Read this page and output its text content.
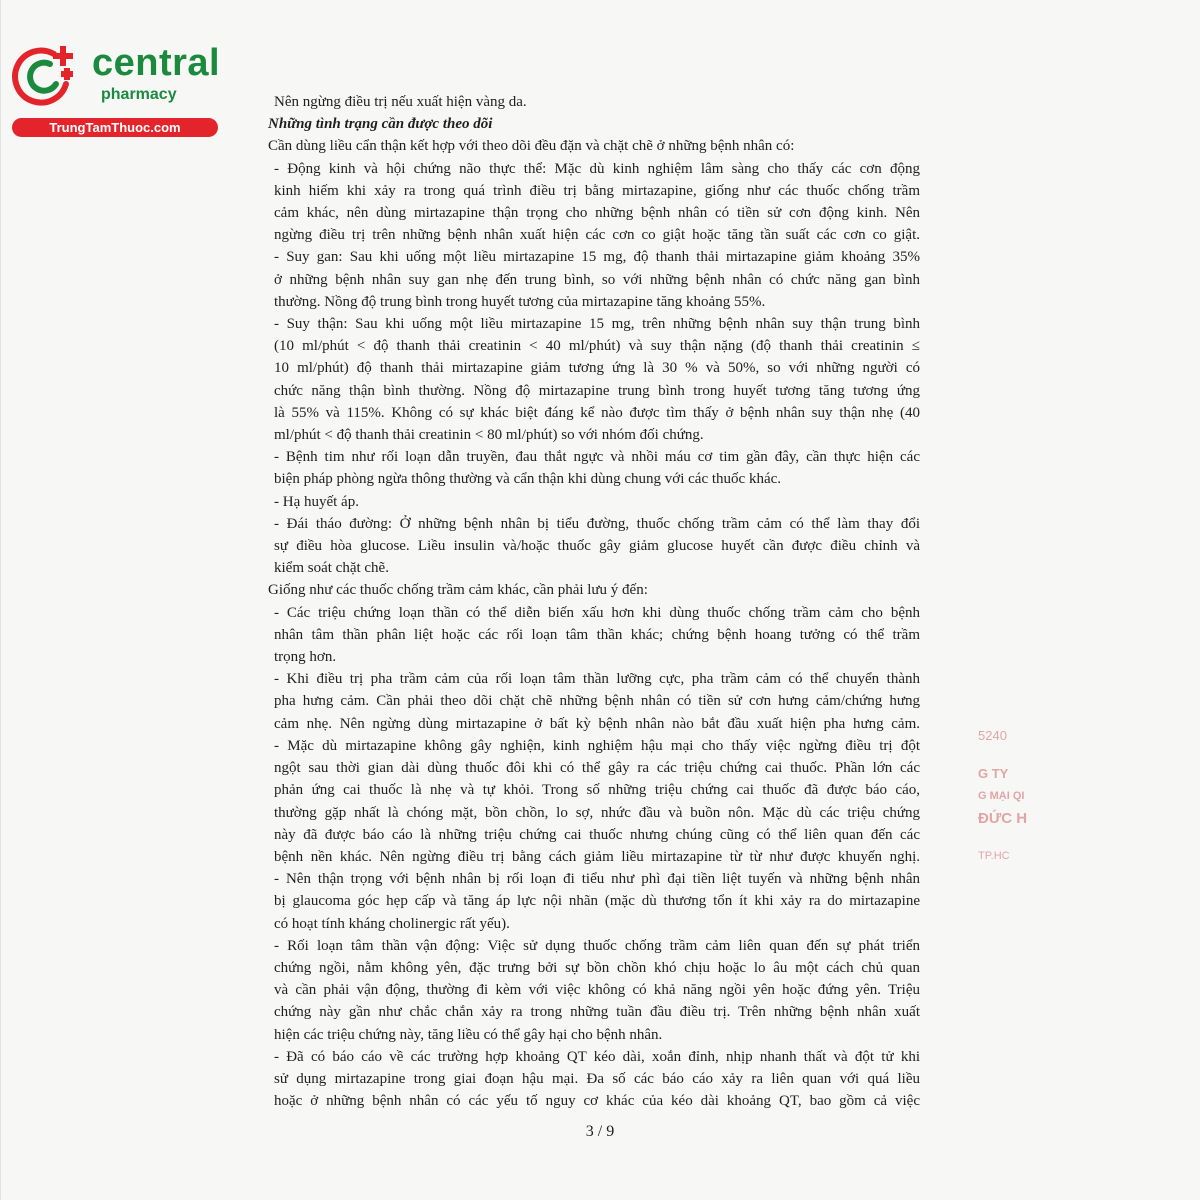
central
pharmacy
TrungTamThuoc.com
Nên ngừng điều trị nếu xuất hiện vàng da.
Những tình trạng cần được theo dõi
Cần dùng liều cẩn thận kết hợp với theo dõi đều đặn và chặt chẽ ở những bệnh nhân có:
- Động kinh và hội chứng não thực thể: Mặc dù kinh nghiệm lâm sàng cho thấy các cơn động
kinh hiếm khi xảy ra trong quá trình điều trị bằng mirtazapine, giống như các thuốc chống trầm
cảm khác, nên dùng mirtazapine thận trọng cho những bệnh nhân có tiền sử cơn động kinh. Nên
ngừng điều trị trên những bệnh nhân xuất hiện các cơn co giật hoặc tăng tần suất các cơn co giật.
- Suy gan: Sau khi uống một liều mirtazapine 15 mg, độ thanh thải mirtazapine giảm khoảng 35%
ở những bệnh nhân suy gan nhẹ đến trung bình, so với những bệnh nhân có chức năng gan bình
thường. Nồng độ trung bình trong huyết tương của mirtazapine tăng khoảng 55%.
- Suy thận: Sau khi uống một liều mirtazapine 15 mg, trên những bệnh nhân suy thận trung bình
(10 ml/phút < độ thanh thải creatinin < 40 ml/phút) và suy thận nặng (độ thanh thải creatinin ≤
10 ml/phút) độ thanh thải mirtazapine giảm tương ứng là 30 % và 50%, so với những người có
chức năng thận bình thường. Nồng độ mirtazapine trung bình trong huyết tương tăng tương ứng
là 55% và 115%. Không có sự khác biệt đáng kể nào được tìm thấy ở bệnh nhân suy thận nhẹ (40
ml/phút < độ thanh thải creatinin < 80 ml/phút) so với nhóm đối chứng.
- Bệnh tim như rối loạn dẫn truyền, đau thắt ngực và nhồi máu cơ tim gần đây, cần thực hiện các
biện pháp phòng ngừa thông thường và cẩn thận khi dùng chung với các thuốc khác.
- Hạ huyết áp.
- Đái tháo đường: Ở những bệnh nhân bị tiểu đường, thuốc chống trầm cảm có thể làm thay đổi
sự điều hòa glucose. Liều insulin và/hoặc thuốc gây giảm glucose huyết cần được điều chỉnh và
kiểm soát chặt chẽ.
Giống như các thuốc chống trầm cảm khác, cần phải lưu ý đến:
- Các triệu chứng loạn thần có thể diễn biến xấu hơn khi dùng thuốc chống trầm cảm cho bệnh
nhân tâm thần phân liệt hoặc các rối loạn tâm thần khác; chứng bệnh hoang tưởng có thể trầm
trọng hơn.
- Khi điều trị pha trầm cảm của rối loạn tâm thần lưỡng cực, pha trầm cảm có thể chuyển thành
pha hưng cảm. Cần phải theo dõi chặt chẽ những bệnh nhân có tiền sử cơn hưng cảm/chứng hưng
cảm nhẹ. Nên ngừng dùng mirtazapine ở bất kỳ bệnh nhân nào bắt đầu xuất hiện pha hưng cảm.
- Mặc dù mirtazapine không gây nghiện, kinh nghiệm hậu mại cho thấy việc ngừng điều trị đột
ngột sau thời gian dài dùng thuốc đôi khi có thể gây ra các triệu chứng cai thuốc. Phần lớn các
phản ứng cai thuốc là nhẹ và tự khỏi. Trong số những triệu chứng cai thuốc đã được báo cáo,
thường gặp nhất là chóng mặt, bồn chồn, lo sợ, nhức đầu và buồn nôn. Mặc dù các triệu chứng
này đã được báo cáo là những triệu chứng cai thuốc nhưng chúng cũng có thể liên quan đến các
bệnh nền khác. Nên ngừng điều trị bằng cách giảm liều mirtazapine từ từ như được khuyến nghị.
- Nên thận trọng với bệnh nhân bị rối loạn đi tiểu như phì đại tiền liệt tuyến và những bệnh nhân
bị glaucoma góc hẹp cấp và tăng áp lực nội nhãn (mặc dù thương tổn ít khi xảy ra do mirtazapine
có hoạt tính kháng cholinergic rất yếu).
- Rối loạn tâm thần vận động: Việc sử dụng thuốc chống trầm cảm liên quan đến sự phát triển
chứng ngồi, nằm không yên, đặc trưng bởi sự bồn chồn khó chịu hoặc lo âu một cách chủ quan
và cần phải vận động, thường đi kèm với việc không có khả năng ngồi yên hoặc đứng yên. Triệu
chứng này gần như chắc chắn xảy ra trong những tuần đầu điều trị. Trên những bệnh nhân xuất
hiện các triệu chứng này, tăng liều có thể gây hại cho bệnh nhân.
- Đã có báo cáo về các trường hợp khoảng QT kéo dài, xoắn đỉnh, nhịp nhanh thất và đột tử khi
sử dụng mirtazapine trong giai đoạn hậu mại. Đa số các báo cáo xảy ra liên quan với quá liều
hoặc ở những bệnh nhân có các yếu tố nguy cơ khác của kéo dài khoảng QT, bao gồm cả việc
3 / 9
5240
G TY
G MẠI QI
ĐỨC H
TP.HC
